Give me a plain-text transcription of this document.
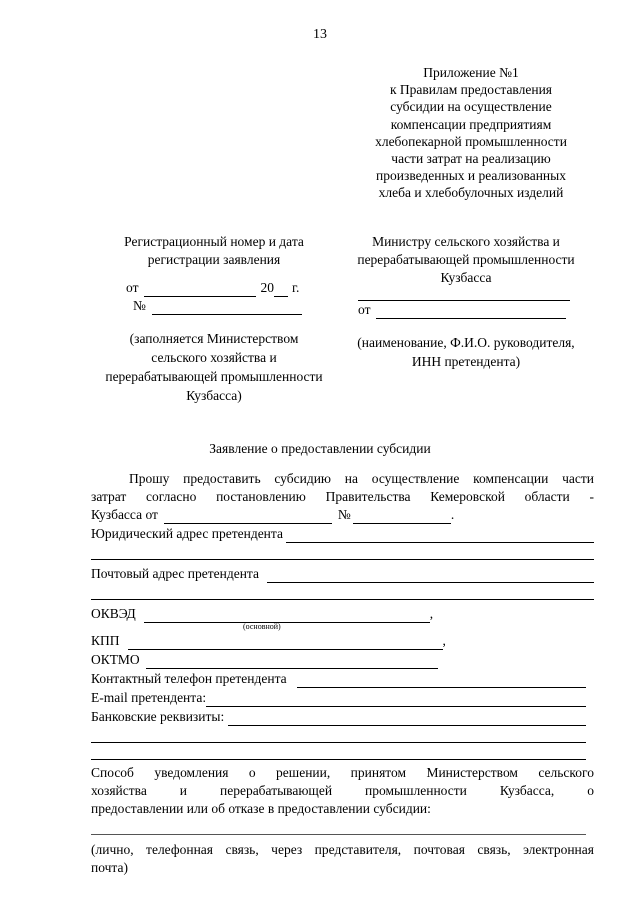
13
Приложение №1
к Правилам предоставления
субсидии на осуществление
компенсации предприятиям
хлебопекарной промышленности
части затрат на реализацию
произведенных и реализованных
хлеба и хлебобулочных изделий
Регистрационный номер и дата
регистрации заявления
от	20 г.
№
(заполняется Министерством
сельского хозяйства и
перерабатывающей промышленности
Кузбасса)
Министру сельского хозяйства и
перерабатывающей промышленности
Кузбасса
от
(наименование, Ф.И.О. руководителя,
ИНН претендента)
Заявление о предоставлении субсидии
Прошу предоставить субсидию на осуществление компенсации части
затрат согласно постановлению Правительства Кемеровской области -
Кузбасса от	№	.
Юридический адрес претендента
Почтовый адрес претендента
ОКВЭД	,
(основной)
КПП	,
ОКТМО
Контактный телефон претендента
E-mail претендента:
Банковские реквизиты:
Способ уведомления о решении, принятом Министерством сельского
хозяйства и перерабатывающей промышленности Кузбасса, о
предоставлении или об отказе в предоставлении субсидии:
(лично, телефонная связь, через представителя, почтовая связь, электронная
почта)
